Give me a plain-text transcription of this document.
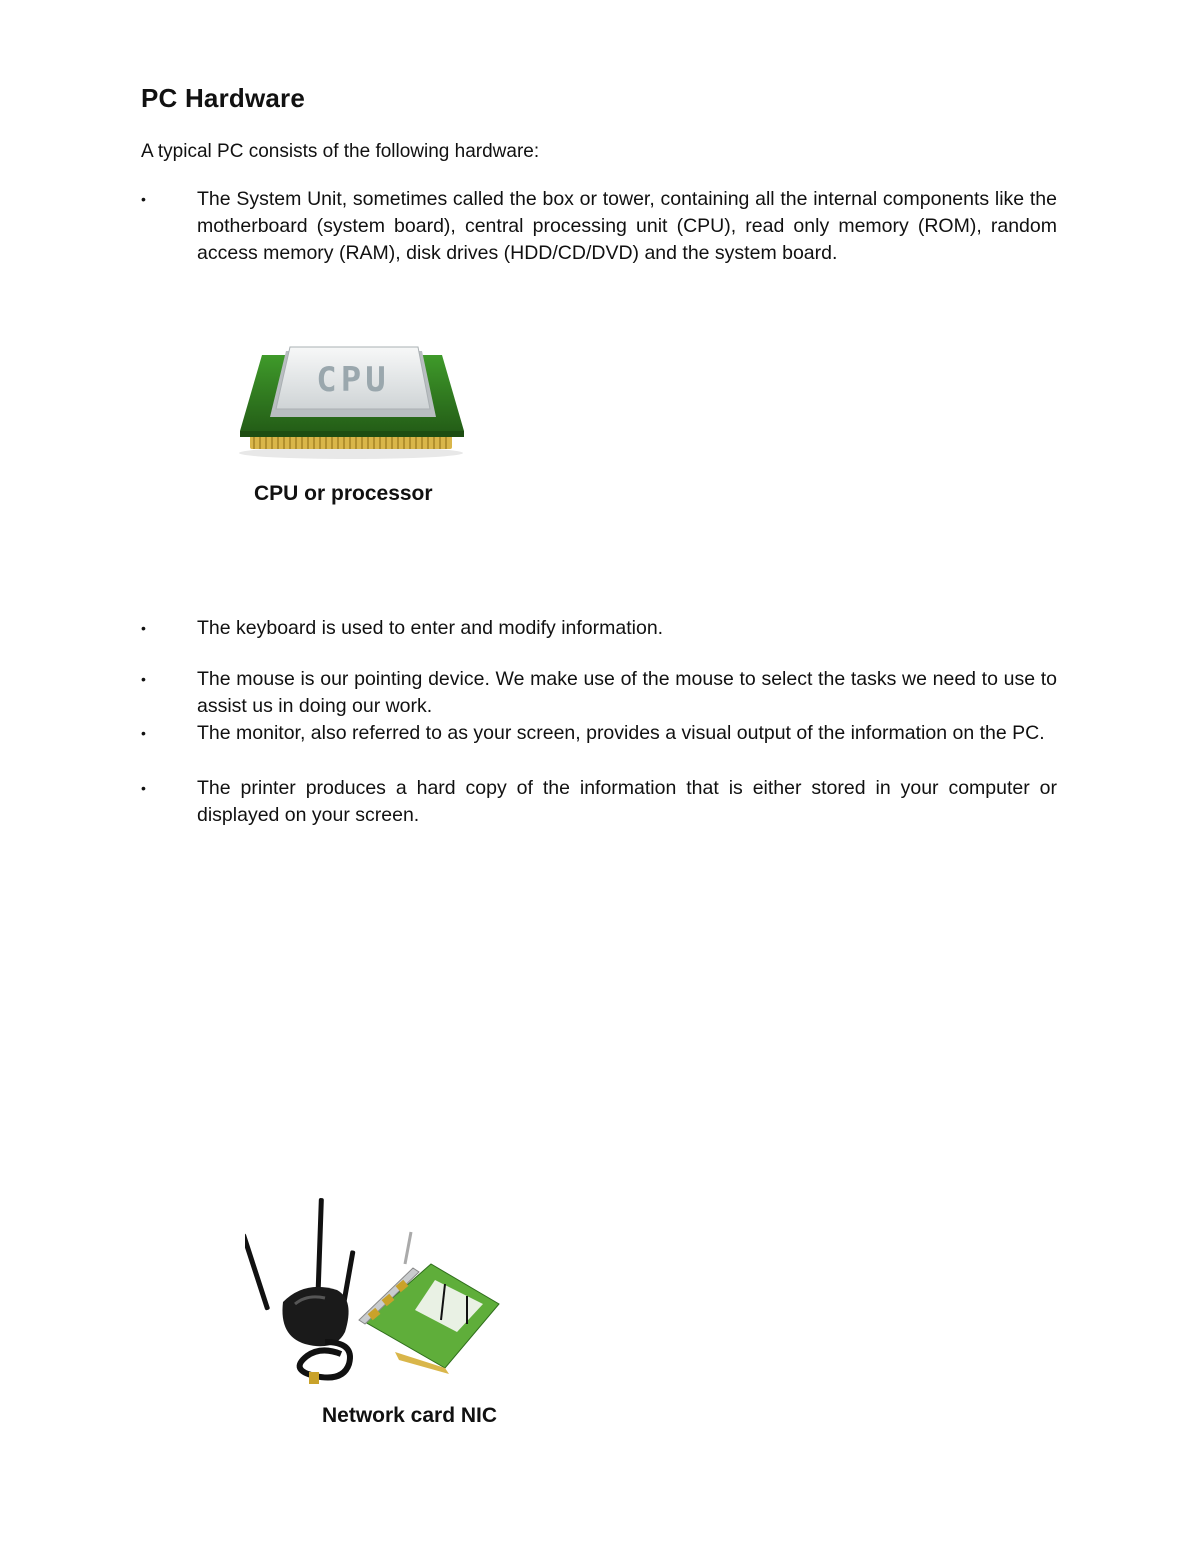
PC Hardware
A typical PC consists of the following hardware:
•	The System Unit, sometimes called the box or tower, containing all the internal components like the motherboard (system board), central processing unit (CPU), read only memory (ROM), random access memory (RAM), disk drives (HDD/CD/DVD) and the system board.
CPU
CPU or processor
•	The keyboard is used to enter and modify information.
•	The mouse is our pointing device. We make use of the mouse to select the tasks we need to use to assist us in doing our work.
•	The monitor, also referred to as your screen, provides a visual output of the information on the PC.
•	The printer produces a hard copy of the information that is either stored in your computer or displayed on your screen.
Network card NIC
